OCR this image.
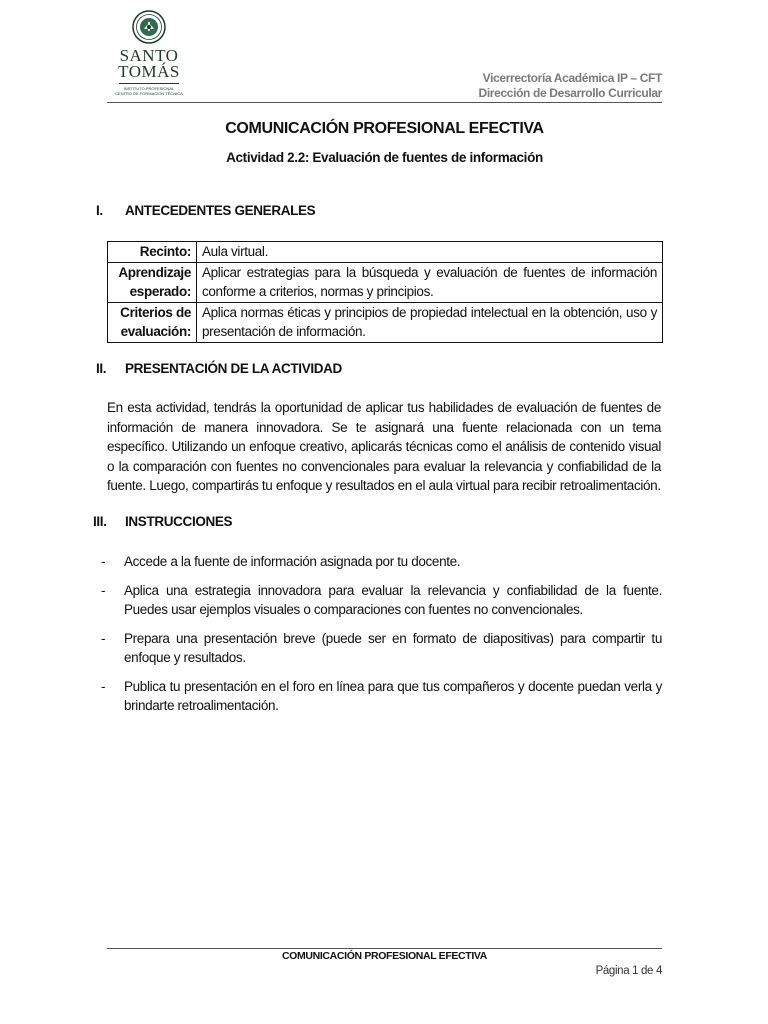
SANTO
TOMÁS
INSTITUTO PROFESIONAL
CENTRO DE FORMACIÓN TÉCNICA
Vicerrectoría Académica IP – CFT
Dirección de Desarrollo Curricular
COMUNICACIÓN PROFESIONAL EFECTIVA
Actividad 2.2: Evaluación de fuentes de información
I. ANTECEDENTES GENERALES
Recinto:	Aula virtual.
Aprendizaje esperado:	Aplicar estrategias para la búsqueda y evaluación de fuentes de información conforme a criterios, normas y principios.
Criterios de evaluación:	Aplica normas éticas y principios de propiedad intelectual en la obtención, uso y presentación de información.
II. PRESENTACIÓN DE LA ACTIVIDAD

En esta actividad, tendrás la oportunidad de aplicar tus habilidades de evaluación de fuentes de información de manera innovadora. Se te asignará una fuente relacionada con un tema específico. Utilizando un enfoque creativo, aplicarás técnicas como el análisis de contenido visual o la comparación con fuentes no convencionales para evaluar la relevancia y confiabilidad de la fuente. Luego, compartirás tu enfoque y resultados en el aula virtual para recibir retroalimentación.

III. INSTRUCCIONES
- Accede a la fuente de información asignada por tu docente.
- Aplica una estrategia innovadora para evaluar la relevancia y confiabilidad de la fuente. Puedes usar ejemplos visuales o comparaciones con fuentes no convencionales.
- Prepara una presentación breve (puede ser en formato de diapositivas) para compartir tu enfoque y resultados.
- Publica tu presentación en el foro en línea para que tus compañeros y docente puedan verla y brindarte retroalimentación.
COMUNICACIÓN PROFESIONAL EFECTIVA
Página 1 de 4
